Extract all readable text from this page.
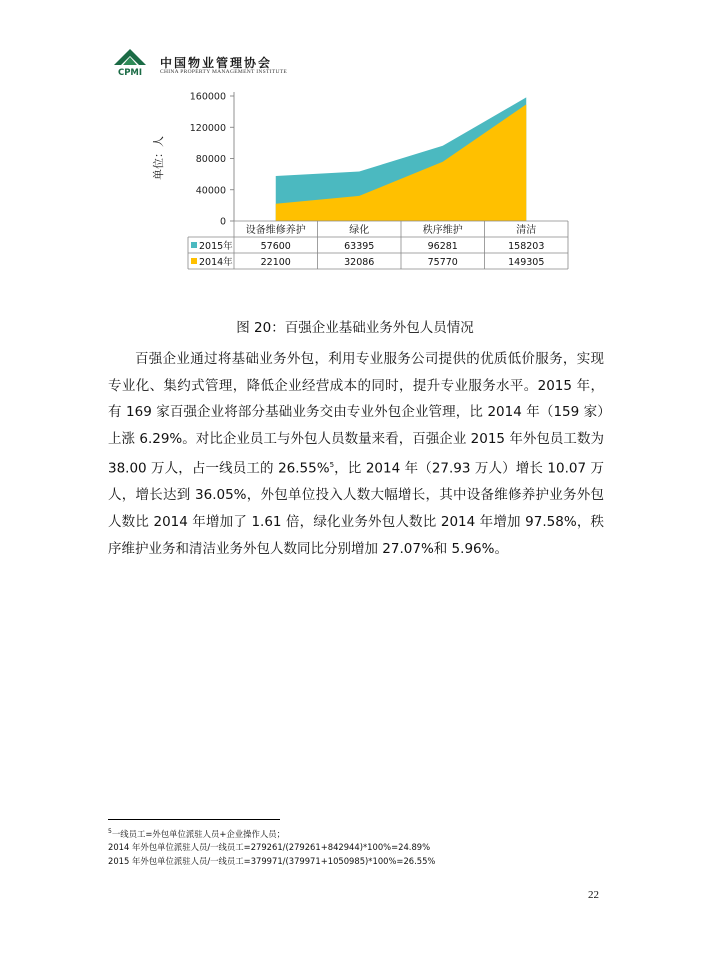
CPMI
中国物业管理协会
CHINA PROPERTY MANAGEMENT INSTITUTE
0
40000
80000
120000
160000
设备维修养护	绿化	秩序维护	清洁
2015年	57600	63395	96281	158203
2014年	22100	32086	75770	149305
单位：人
图 20：百强企业基础业务外包人员情况
百强企业通过将基础业务外包，利用专业服务公司提供的优质低价服务，实现专业化、集约式管理，降低企业经营成本的同时，提升专业服务水平。2015 年，有 169 家百强企业将部分基础业务交由专业外包企业管理，比 2014 年（159 家）上涨 6.29%。对比企业员工与外包人员数量来看，百强企业 2015 年外包员工数为 38.00 万人，占一线员工的 26.55%$^5$，比 2014 年（27.93 万人）增长 10.07 万人，增长达到 36.05%，外包单位投入人数大幅增长，其中设备维修养护业务外包人数比 2014 年增加了 1.61 倍，绿化业务外包人数比 2014 年增加 97.58%，秩序维护业务和清洁业务外包人数同比分别增加 27.07%和 5.96%。
$^5$一线员工=外包单位派驻人员+企业操作人员；
2014 年外包单位派驻人员/一线员工=279261/(279261+842944)*100%=24.89%
2015 年外包单位派驻人员/一线员工=379971/(379971+1050985)*100%=26.55%
22
